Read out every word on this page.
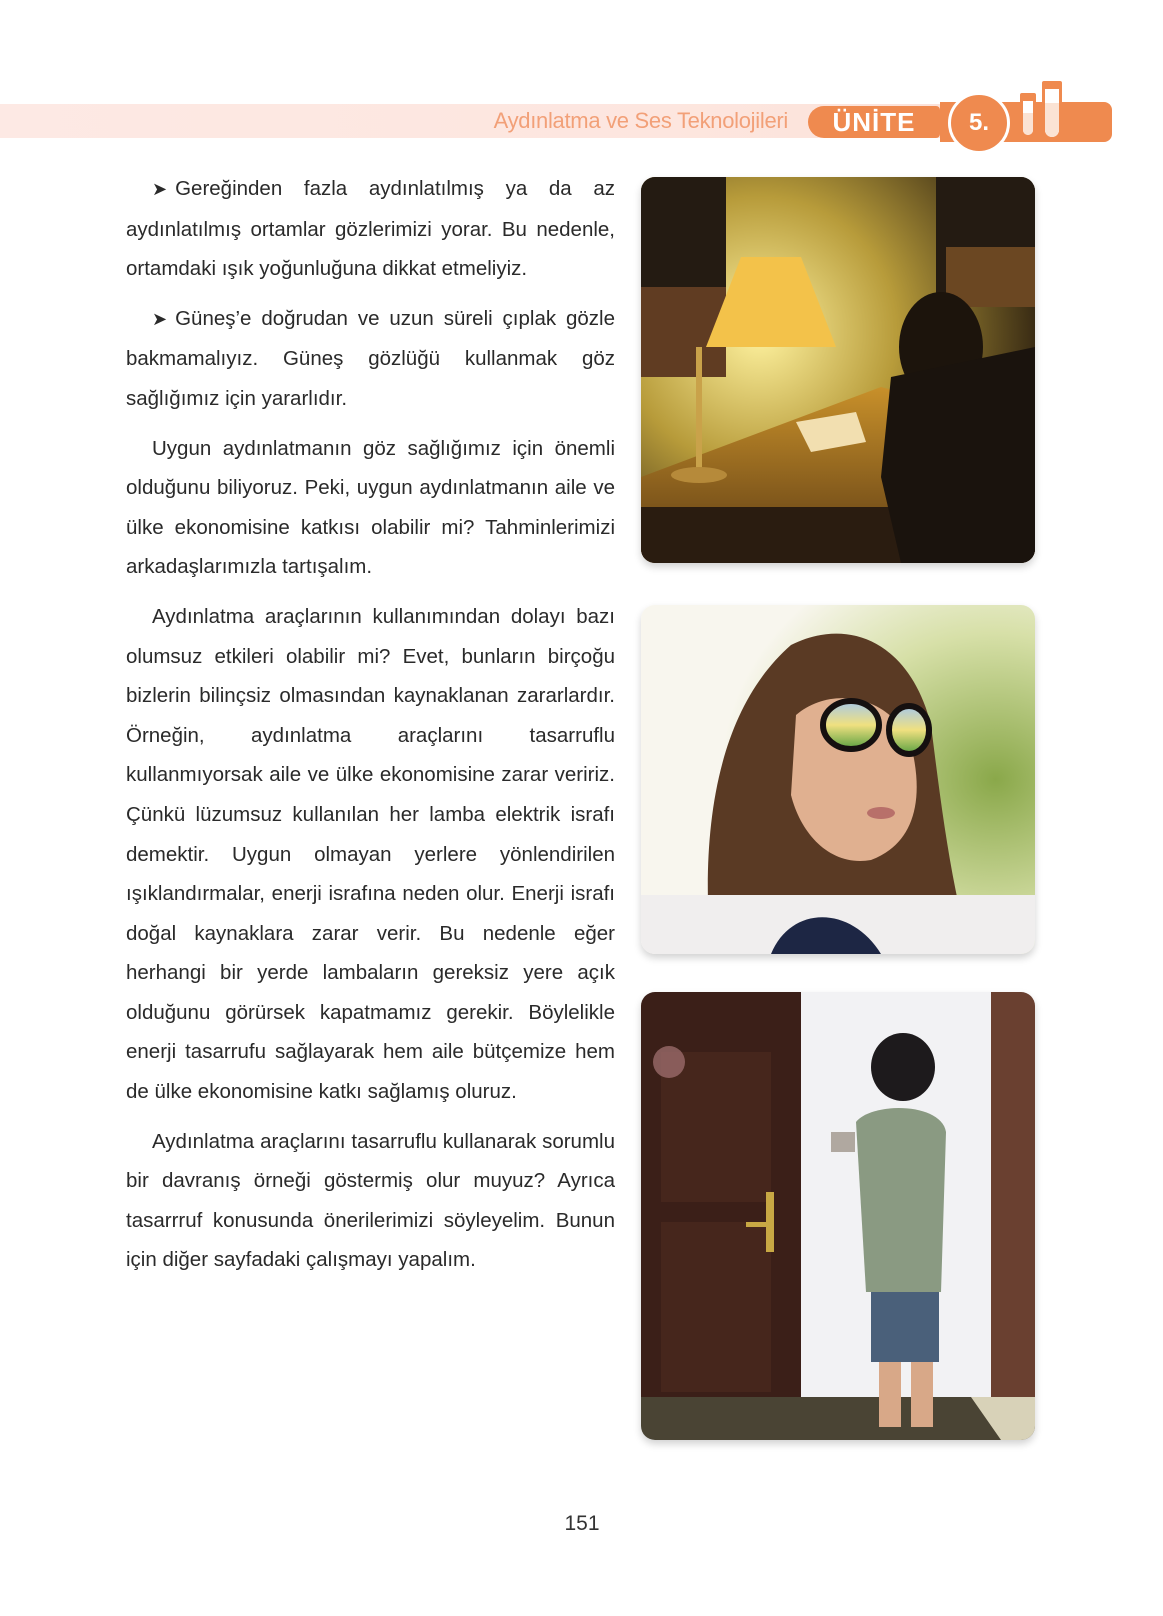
Aydınlatma ve Ses Teknolojileri ÜNİTE 5.

➤ Gereğinden fazla aydınlatılmış ya da az aydınlatılmış ortamlar gözlerimizi yorar. Bu nedenle, ortamdaki ışık yoğunluğuna dikkat etmeliyiz.

➤ Güneş’e doğrudan ve uzun süreli çıplak gözle bakmamalıyız. Güneş gözlüğü kullanmak göz sağlığımız için yararlıdır.

Uygun aydınlatmanın göz sağlığımız için önemli olduğunu biliyoruz. Peki, uygun aydınlatmanın aile ve ülke ekonomisine katkısı olabilir mi? Tahminlerimizi arkadaşlarımızla tartışalım.

Aydınlatma araçlarının kullanımından dolayı bazı olumsuz etkileri olabilir mi? Evet, bunların birçoğu bizlerin bilinçsiz olmasından kaynaklanan zararlardır. Örneğin, aydınlatma araçlarını tasarruflu kullanmıyorsak aile ve ülke ekonomisine zarar veririz. Çünkü lüzumsuz kullanılan her lamba elektrik israfı demektir. Uygun olmayan yerlere yönlendirilen ışıklandırmalar, enerji israfına neden olur. Enerji israfı doğal kaynaklara zarar verir. Bu nedenle eğer herhangi bir yerde lambaların gereksiz yere açık olduğunu görürsek kapatmamız gerekir. Böylelikle enerji tasarrufu sağlayarak hem aile bütçemize hem de ülke ekonomisine katkı sağlamış oluruz.

Aydınlatma araçlarını tasarruflu kullanarak sorumlu bir davranış örneği göstermiş olur muyuz? Ayrıca tasarrruf konusunda önerilerimizi söyleyelim. Bunun için diğer sayfadaki çalışmayı yapalım.

151
